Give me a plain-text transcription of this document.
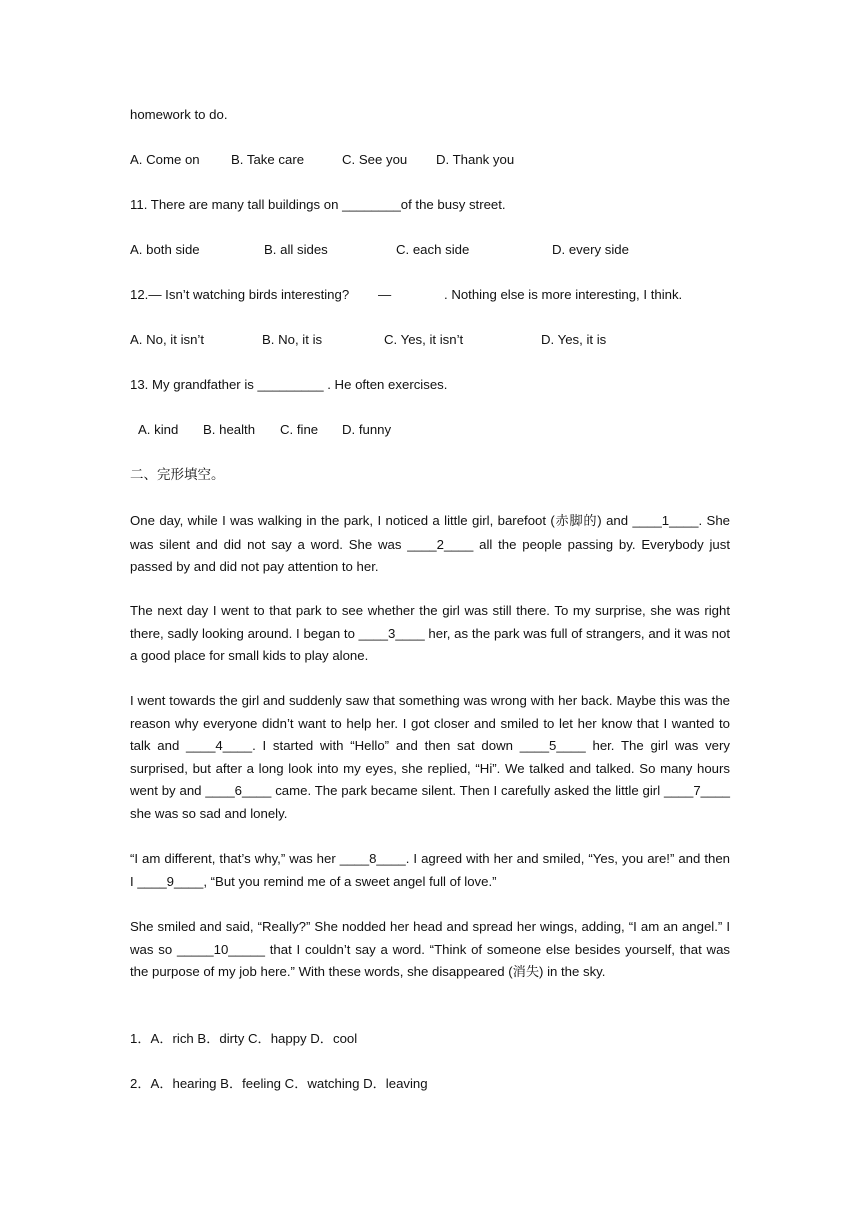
homework to do.
A. Come on B. Take care	C. See you D. Thank you
11. There are many tall buildings on ________of the busy street.
A. both side	B. all sides	C. each side	D. every side
12.— Isn’t watching birds interesting? —	. Nothing else is more interesting, I think.
A. No, it isn’t	B. No, it is	C. Yes, it isn’t	D. Yes, it is
13. My grandfather is _________ . He often exercises.
A. kind B. health C. fine D. funny
二、完形填空。
One day, while I was walking in the park, I noticed a little girl, barefoot (赤脚的) and ____1____. She was silent and did not say a word. She was ____2____ all the people passing by. Everybody just passed by and did not pay attention to her.
The next day I went to that park to see whether the girl was still there. To my surprise, she was right there, sadly looking around. I began to ____3____ her, as the park was full of strangers, and it was not a good place for small kids to play alone.
I went towards the girl and suddenly saw that something was wrong with her back. Maybe this was the reason why everyone didn’t want to help her. I got closer and smiled to let her know that I wanted to talk and ____4____. I started with “Hello” and then sat down ____5____ her. The girl was very surprised, but after a long look into my eyes, she replied, “Hi”. We talked and talked. So many hours went by and ____6____ came. The park became silent. Then I carefully asked the little girl ____7____ she was so sad and lonely.
“I am different, that’s why,” was her ____8____. I agreed with her and smiled, “Yes, you are!” and then I ____9____, “But you remind me of a sweet angel full of love.”
She smiled and said, “Really?” She nodded her head and spread her wings, adding, “I am an angel.” I was so _____10_____ that I couldn’t say a word. “Think of someone else besides yourself, that was the purpose of my job here.” With these words, she disappeared (消失) in the sky.
1．A．rich B．dirty C．happy D．cool
2．A．hearing B．feeling C．watching D．leaving
